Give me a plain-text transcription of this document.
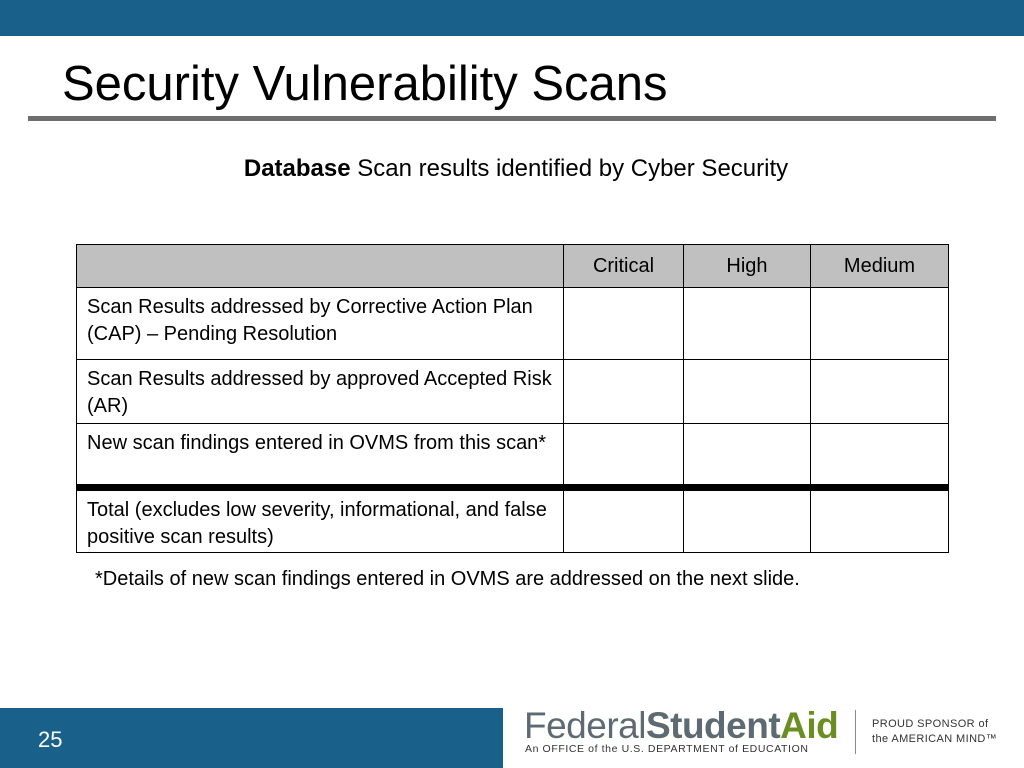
Security Vulnerability Scans
Database Scan results identified by Cyber Security
	Critical	High	Medium
Scan Results addressed by Corrective Action Plan (CAP) – Pending Resolution			
Scan Results addressed by approved Accepted Risk (AR)			
New scan findings entered in OVMS from this scan*			
Total (excludes low severity, informational, and false positive scan results)			
*Details of new scan findings entered in OVMS are addressed on the next slide.
25	FederalStudentAid
An OFFICE of the U.S. DEPARTMENT of EDUCATION
PROUD SPONSOR of
the AMERICAN MIND™
